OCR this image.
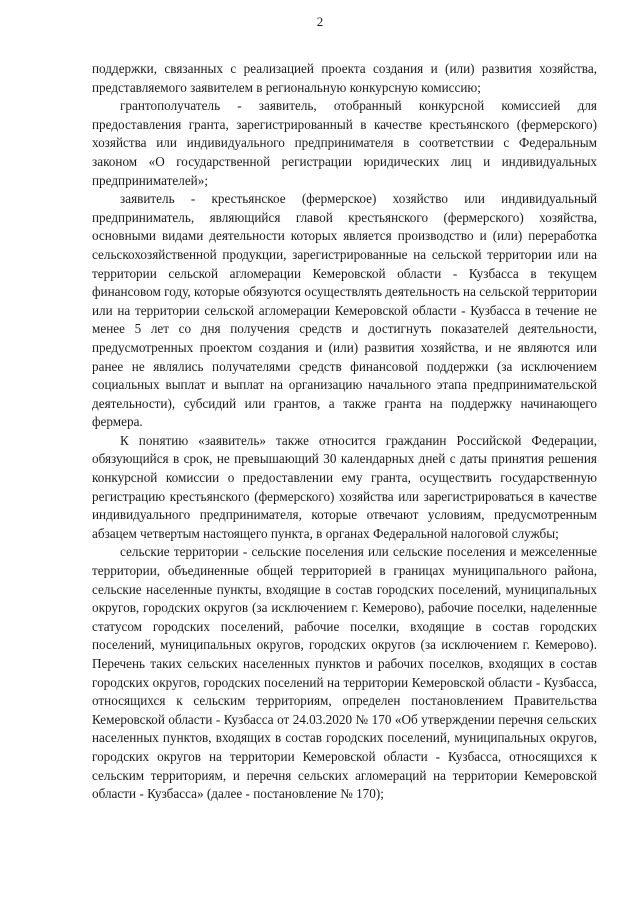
2

поддержки, связанных с реализацией проекта создания и (или) развития хозяйства, представляемого заявителем в региональную конкурсную комиссию;

грантополучатель - заявитель, отобранный конкурсной комиссией для предоставления гранта, зарегистрированный в качестве крестьянского (фермерского) хозяйства или индивидуального предпринимателя в соответствии с Федеральным законом «О государственной регистрации юридических лиц и индивидуальных предпринимателей»;

заявитель - крестьянское (фермерское) хозяйство или индивидуальный предприниматель, являющийся главой крестьянского (фермерского) хозяйства, основными видами деятельности которых является производство и (или) переработка сельскохозяйственной продукции, зарегистрированные на сельской территории или на территории сельской агломерации Кемеровской области - Кузбасса в текущем финансовом году, которые обязуются осуществлять деятельность на сельской территории или на территории сельской агломерации Кемеровской области - Кузбасса в течение не менее 5 лет со дня получения средств и достигнуть показателей деятельности, предусмотренных проектом создания и (или) развития хозяйства, и не являются или ранее не являлись получателями средств финансовой поддержки (за исключением социальных выплат и выплат на организацию начального этапа предпринимательской деятельности), субсидий или грантов, а также гранта на поддержку начинающего фермера.

К понятию «заявитель» также относится гражданин Российской Федерации, обязующийся в срок, не превышающий 30 календарных дней с даты принятия решения конкурсной комиссии о предоставлении ему гранта, осуществить государственную регистрацию крестьянского (фермерского) хозяйства или зарегистрироваться в качестве индивидуального предпринимателя, которые отвечают условиям, предусмотренным абзацем четвертым настоящего пункта, в органах Федеральной налоговой службы;

сельские территории - сельские поселения или сельские поселения и межселенные территории, объединенные общей территорией в границах муниципального района, сельские населенные пункты, входящие в состав городских поселений, муниципальных округов, городских округов (за исключением г. Кемерово), рабочие поселки, наделенные статусом городских поселений, рабочие поселки, входящие в состав городских поселений, муниципальных округов, городских округов (за исключением г. Кемерово). Перечень таких сельских населенных пунктов и рабочих поселков, входящих в состав городских округов, городских поселений на территории Кемеровской области - Кузбасса, относящихся к сельским территориям, определен постановлением Правительства Кемеровской области - Кузбасса от 24.03.2020 № 170 «Об утверждении перечня сельских населенных пунктов, входящих в состав городских поселений, муниципальных округов, городских округов на территории Кемеровской области - Кузбасса, относящихся к сельским территориям, и перечня сельских агломераций на территории Кемеровской области - Кузбасса» (далее - постановление № 170);
